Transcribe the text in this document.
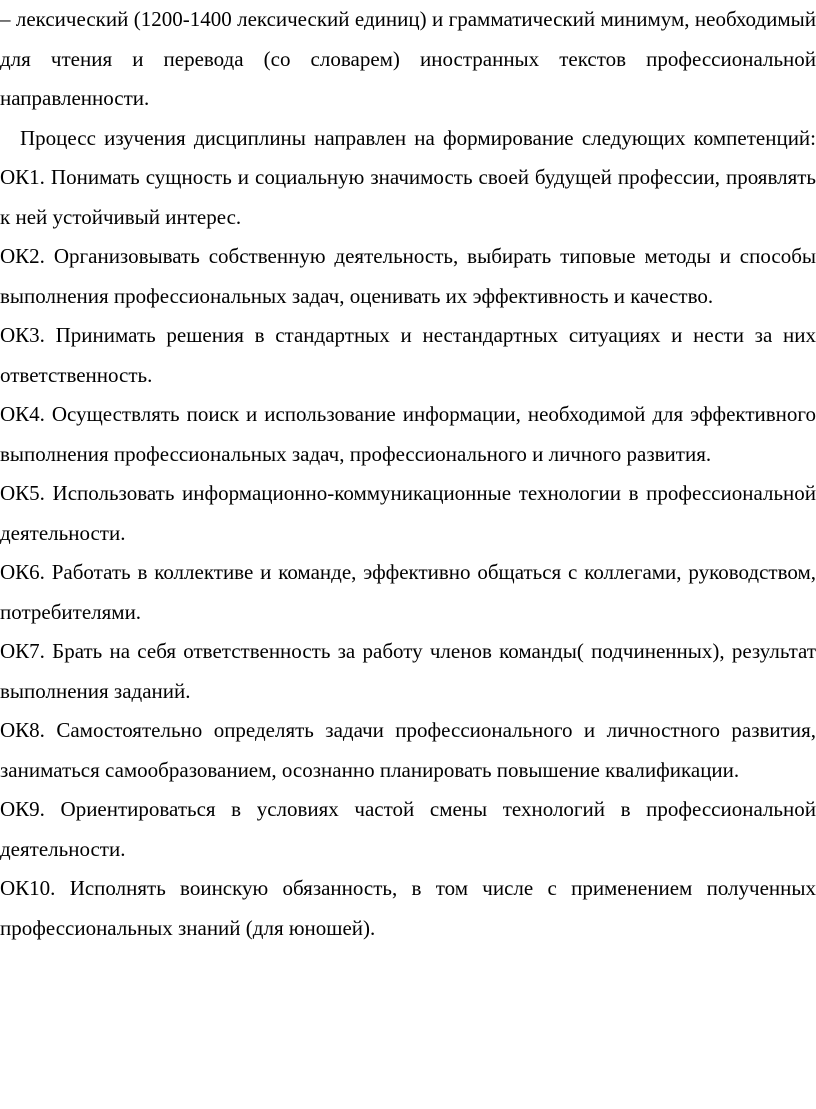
– лексический (1200-1400 лексический единиц) и грамматический минимум, необходимый для чтения и перевода (со словарем) иностранных текстов профессиональной направленности.

Процесс изучения дисциплины направлен на формирование следующих компетенций: ОК1. Понимать сущность и социальную значимость своей будущей профессии, проявлять к ней устойчивый интерес.

ОК2. Организовывать собственную деятельность, выбирать типовые методы и способы выполнения профессиональных задач, оценивать их эффективность и качество.

ОК3. Принимать решения в стандартных и нестандартных ситуациях и нести за них ответственность.

ОК4. Осуществлять поиск и использование информации, необходимой для эффективного выполнения профессиональных задач, профессионального и личного развития.

ОК5. Использовать информационно-коммуникационные технологии в профессиональной деятельности.

ОК6. Работать в коллективе и команде, эффективно общаться с коллегами, руководством, потребителями.

ОК7. Брать на себя ответственность за работу членов команды( подчиненных), результат выполнения заданий.

ОК8. Самостоятельно определять задачи профессионального и личностного развития, заниматься самообразованием, осознанно планировать повышение квалификации.

ОК9. Ориентироваться в условиях частой смены технологий в профессиональной деятельности.

ОК10. Исполнять воинскую обязанность, в том числе с применением полученных профессиональных знаний (для юношей).
